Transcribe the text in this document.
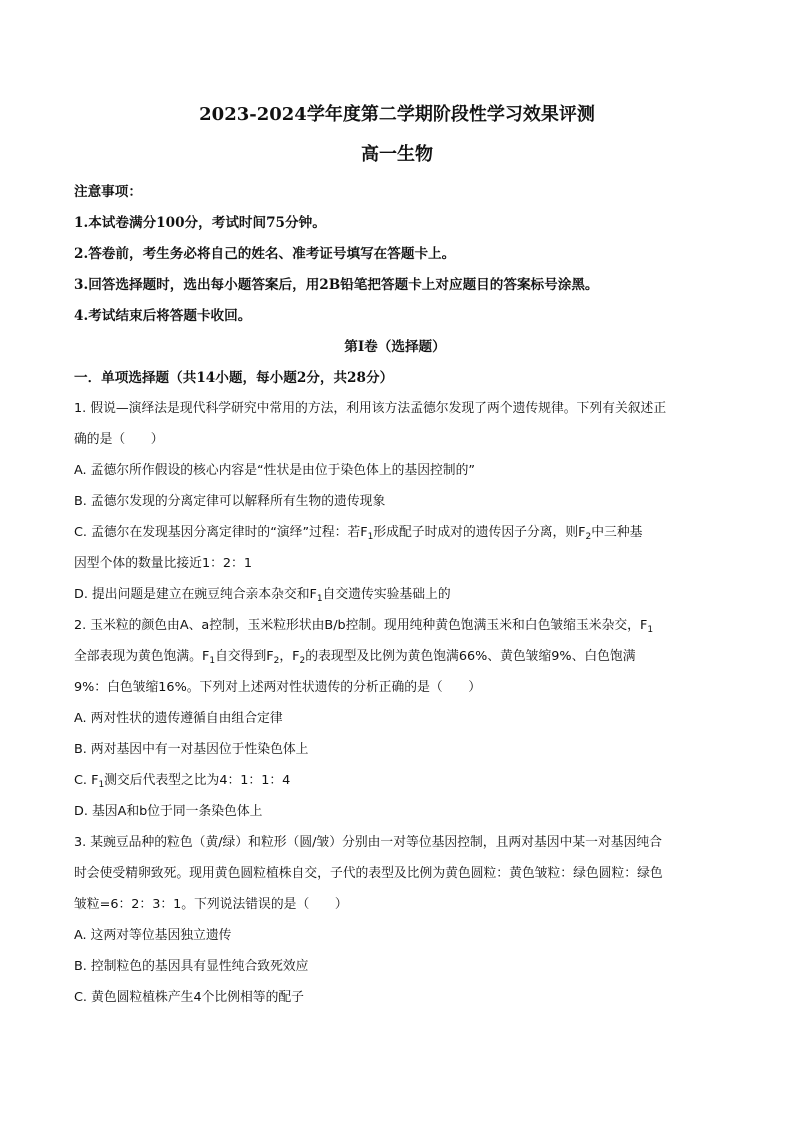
2023-2024学年度第二学期阶段性学习效果评测
高一生物
注意事项：
1.本试卷满分100分，考试时间75分钟。
2.答卷前，考生务必将自己的姓名、准考证号填写在答题卡上。
3.回答选择题时，选出每小题答案后，用2B铅笔把答题卡上对应题目的答案标号涂黑。
4.考试结束后将答题卡收回。
第I卷（选择题）
一．单项选择题（共14小题，每小题2分，共28分）
1. 假说—演绎法是现代科学研究中常用的方法，利用该方法孟德尔发现了两个遗传规律。下列有关叙述正
确的是（　　）
A. 孟德尔所作假设的核心内容是“性状是由位于染色体上的基因控制的”
B. 孟德尔发现的分离定律可以解释所有生物的遗传现象
C. 孟德尔在发现基因分离定律时的“演绎”过程：若$F_1$形成配子时成对的遗传因子分离，则$F_2$中三种基
因型个体的数量比接近1：2：1
D. 提出问题是建立在豌豆纯合亲本杂交和$F_1$自交遗传实验基础上的
2. 玉米粒的颜色由A、a控制，玉米粒形状由B/b控制。现用纯种黄色饱满玉米和白色皱缩玉米杂交，$F_1$
全部表现为黄色饱满。$F_1$自交得到$F_2$，$F_2$的表现型及比例为黄色饱满66%、黄色皱缩9%、白色饱满
9%：白色皱缩16%。下列对上述两对性状遗传的分析正确的是（　　）
A. 两对性状的遗传遵循自由组合定律
B. 两对基因中有一对基因位于性染色体上
C. $F_1$测交后代表型之比为4：1：1：4
D. 基因A和b位于同一条染色体上
3. 某豌豆品种的粒色（黄/绿）和粒形（圆/皱）分别由一对等位基因控制，且两对基因中某一对基因纯合
时会使受精卵致死。现用黄色圆粒植株自交，子代的表型及比例为黄色圆粒：黄色皱粒：绿色圆粒：绿色
皱粒=6：2：3：1。下列说法错误的是（　　）
A. 这两对等位基因独立遗传
B. 控制粒色的基因具有显性纯合致死效应
C. 黄色圆粒植株产生4个比例相等的配子
